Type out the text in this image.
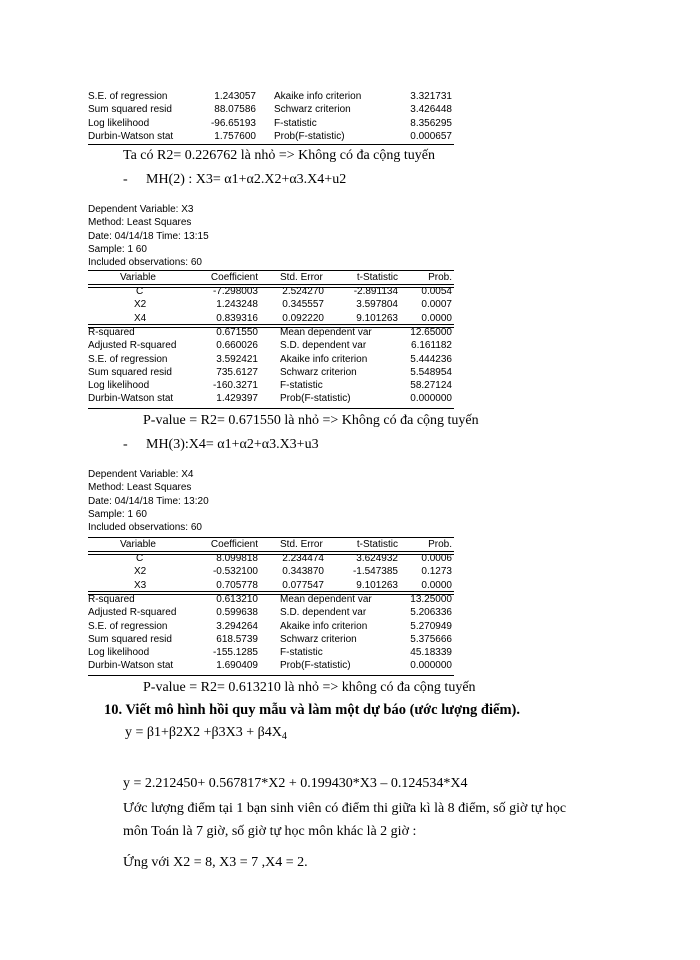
S.E. of regression	1.243057 Akaike info criterion	3.321731
Sum squared resid	88.07586 Schwarz criterion	3.426448
Log likelihood	-96.65193 F-statistic	8.356295
Durbin-Watson stat	1.757600 Prob(F-statistic)	0.000657
Ta có R2= 0.226762 là nhỏ => Không có đa cộng tuyến
- MH(2) : X3= α1+α2.X2+α3.X4+u2
Dependent Variable: X3
Method: Least Squares
Date: 04/14/18 Time: 13:15
Sample: 1 60
Included observations: 60
Variable	Coefficient Std. Error	t-Statistic	Prob.
C	-7.298003 2.524270	-2.891134 0.0054
X2	1.243248 0.345557	3.597804 0.0007
X4	0.839316 0.092220	9.101263 0.0000
R-squared	0.671550 Mean dependent var	12.65000
Adjusted R-squared	0.660026 S.D. dependent var	6.161182
S.E. of regression	3.592421 Akaike info criterion	5.444236
Sum squared resid	735.6127 Schwarz criterion	5.548954
Log likelihood	-160.3271 F-statistic	58.27124
Durbin-Watson stat	1.429397 Prob(F-statistic)	0.000000
P-value = R2= 0.671550 là nhỏ => Không có đa cộng tuyến
- MH(3):X4= α1+α2+α3.X3+u3
Dependent Variable: X4
Method: Least Squares
Date: 04/14/18 Time: 13:20
Sample: 1 60
Included observations: 60
Variable	Coefficient Std. Error	t-Statistic	Prob.
C	8.099818 2.234474	3.624932 0.0006
X2	-0.532100 0.343870	-1.547385 0.1273
X3	0.705778 0.077547	9.101263 0.0000
R-squared	0.613210 Mean dependent var	13.25000
Adjusted R-squared	0.599638 S.D. dependent var	5.206336
S.E. of regression	3.294264 Akaike info criterion	5.270949
Sum squared resid	618.5739 Schwarz criterion	5.375666
Log likelihood	-155.1285 F-statistic	45.18339
Durbin-Watson stat	1.690409 Prob(F-statistic)	0.000000
P-value = R2= 0.613210 là nhỏ => không có đa cộng tuyến
10. Viết mô hình hồi quy mẫu và làm một dự báo (ước lượng điểm).
$y = \beta 1+\beta 2X2 +\beta 3X3 + \beta 4X_4$
y = 2.212450+ 0.567817*X2 + 0.199430*X3 – 0.124534*X4
Ước lượng điểm tại 1 bạn sinh viên có điểm thi giữa kì là 8 điểm, số giờ tự học
môn Toán là 7 giờ, số giờ tự học môn khác là 2 giờ :
Ứng với X2 = 8, X3 = 7 ,X4 = 2.
